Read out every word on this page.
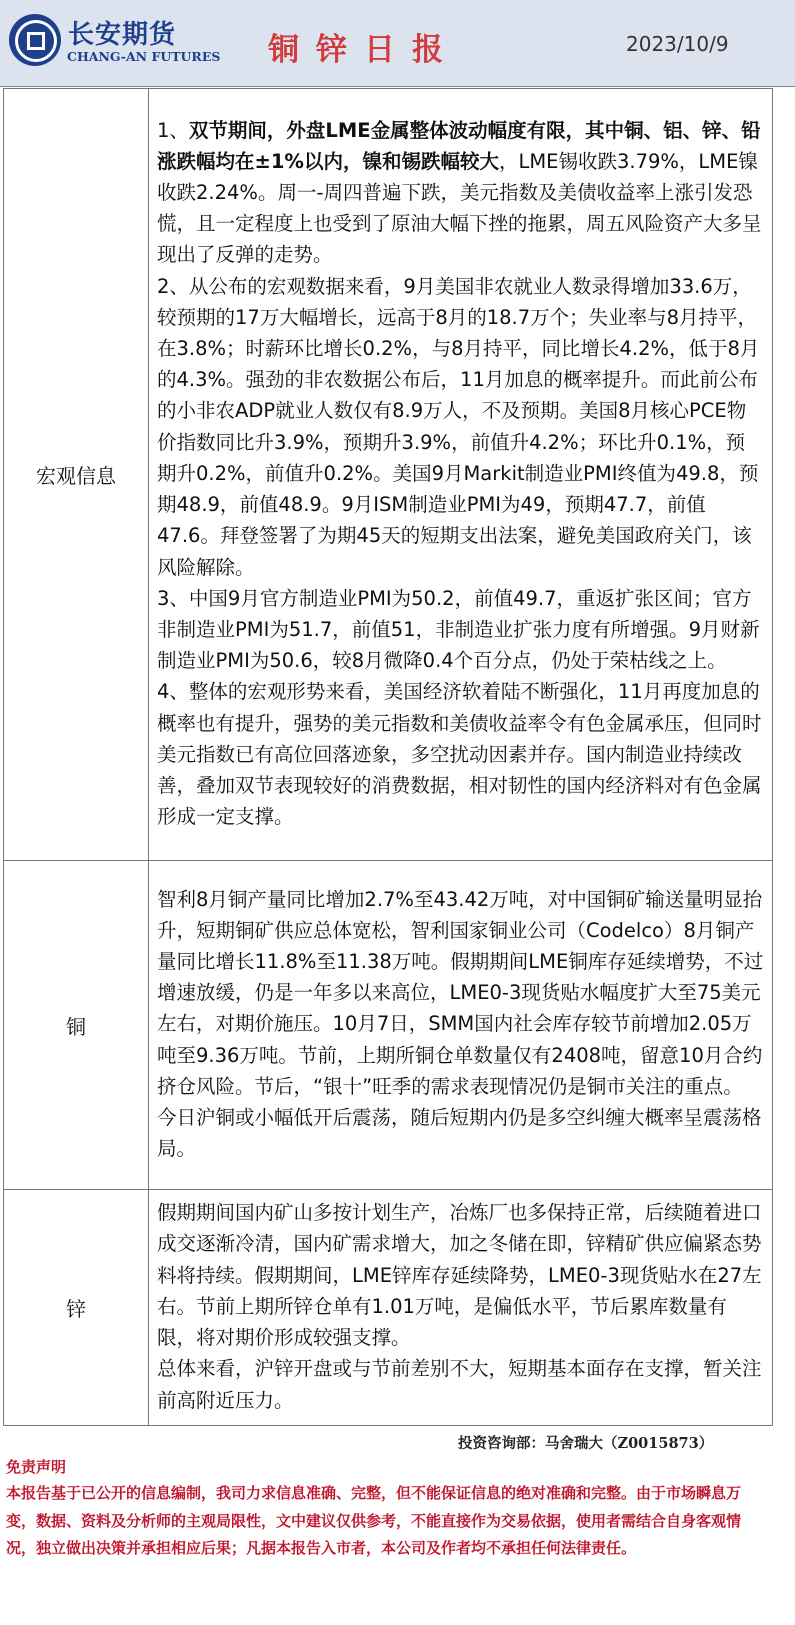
长安期货
CHANG-AN FUTURES 铜锌日报	2023/10/9
宏观信息	1、双节期间，外盘LME金属整体波动幅度有限，其中铜、铝、锌、铅涨跌幅均在±1%以内，镍和锡跌幅较大，LME锡收跌3.79%，LME镍收跌2.24%。周一-周四普遍下跌，美元指数及美债收益率上涨引发恐慌，且一定程度上也受到了原油大幅下挫的拖累，周五风险资产大多呈现出了反弹的走势。

2、从公布的宏观数据来看，9月美国非农就业人数录得增加33.6万，较预期的17万大幅增长，远高于8月的18.7万个；失业率与8月持平，在3.8%；时薪环比增长0.2%，与8月持平，同比增长4.2%，低于8月的4.3%。强劲的非农数据公布后，11月加息的概率提升。而此前公布的小非农ADP就业人数仅有8.9万人，不及预期。美国8月核心PCE物价指数同比升3.9%，预期升3.9%，前值升4.2%；环比升0.1%，预期升0.2%，前值升0.2%。美国9月Markit制造业PMI终值为49.8，预期48.9，前值48.9。9月ISM制造业PMI为49，预期47.7，前值47.6。拜登签署了为期45天的短期支出法案，避免美国政府关门，该风险解除。

3、中国9月官方制造业PMI为50.2，前值49.7，重返扩张区间；官方非制造业PMI为51.7，前值51，非制造业扩张力度有所增强。9月财新制造业PMI为50.6，较8月微降0.4个百分点，仍处于荣枯线之上。

4、整体的宏观形势来看，美国经济软着陆不断强化，11月再度加息的概率也有提升，强势的美元指数和美债收益率令有色金属承压，但同时美元指数已有高位回落迹象，多空扰动因素并存。国内制造业持续改善，叠加双节表现较好的消费数据，相对韧性的国内经济料对有色金属形成一定支撑。

铜	智利8月铜产量同比增加2.7%至43.42万吨，对中国铜矿输送量明显抬升，短期铜矿供应总体宽松，智利国家铜业公司（Codelco）8月铜产量同比增长11.8%至11.38万吨。假期期间LME铜库存延续增势，不过增速放缓，仍是一年多以来高位，LME0-3现货贴水幅度扩大至75美元左右，对期价施压。10月7日，SMM国内社会库存较节前增加2.05万吨至9.36万吨。节前，上期所铜仓单数量仅有2408吨，留意10月合约挤仓风险。节后，“银十”旺季的需求表现情况仍是铜市关注的重点。

今日沪铜或小幅低开后震荡，随后短期内仍是多空纠缠大概率呈震荡格局。

锌	假期期间国内矿山多按计划生产，冶炼厂也多保持正常，后续随着进口成交逐渐冷清，国内矿需求增大，加之冬储在即，锌精矿供应偏紧态势料将持续。假期期间，LME锌库存延续降势，LME0-3现货贴水在27左右。节前上期所锌仓单有1.01万吨，是偏低水平，节后累库数量有限，将对期价形成较强支撑。

总体来看，沪锌开盘或与节前差别不大，短期基本面存在支撑，暂关注前高附近压力。

投资咨询部：马舍瑞大（Z0015873）
免责声明
本报告基于已公开的信息编制，我司力求信息准确、完整，但不能保证信息的绝对准确和完整。由于市场瞬息万变，数据、资料及分析师的主观局限性，文中建议仅供参考，不能直接作为交易依据，使用者需结合自身客观情况，独立做出决策并承担相应后果；凡据本报告入市者，本公司及作者均不承担任何法律责任。
